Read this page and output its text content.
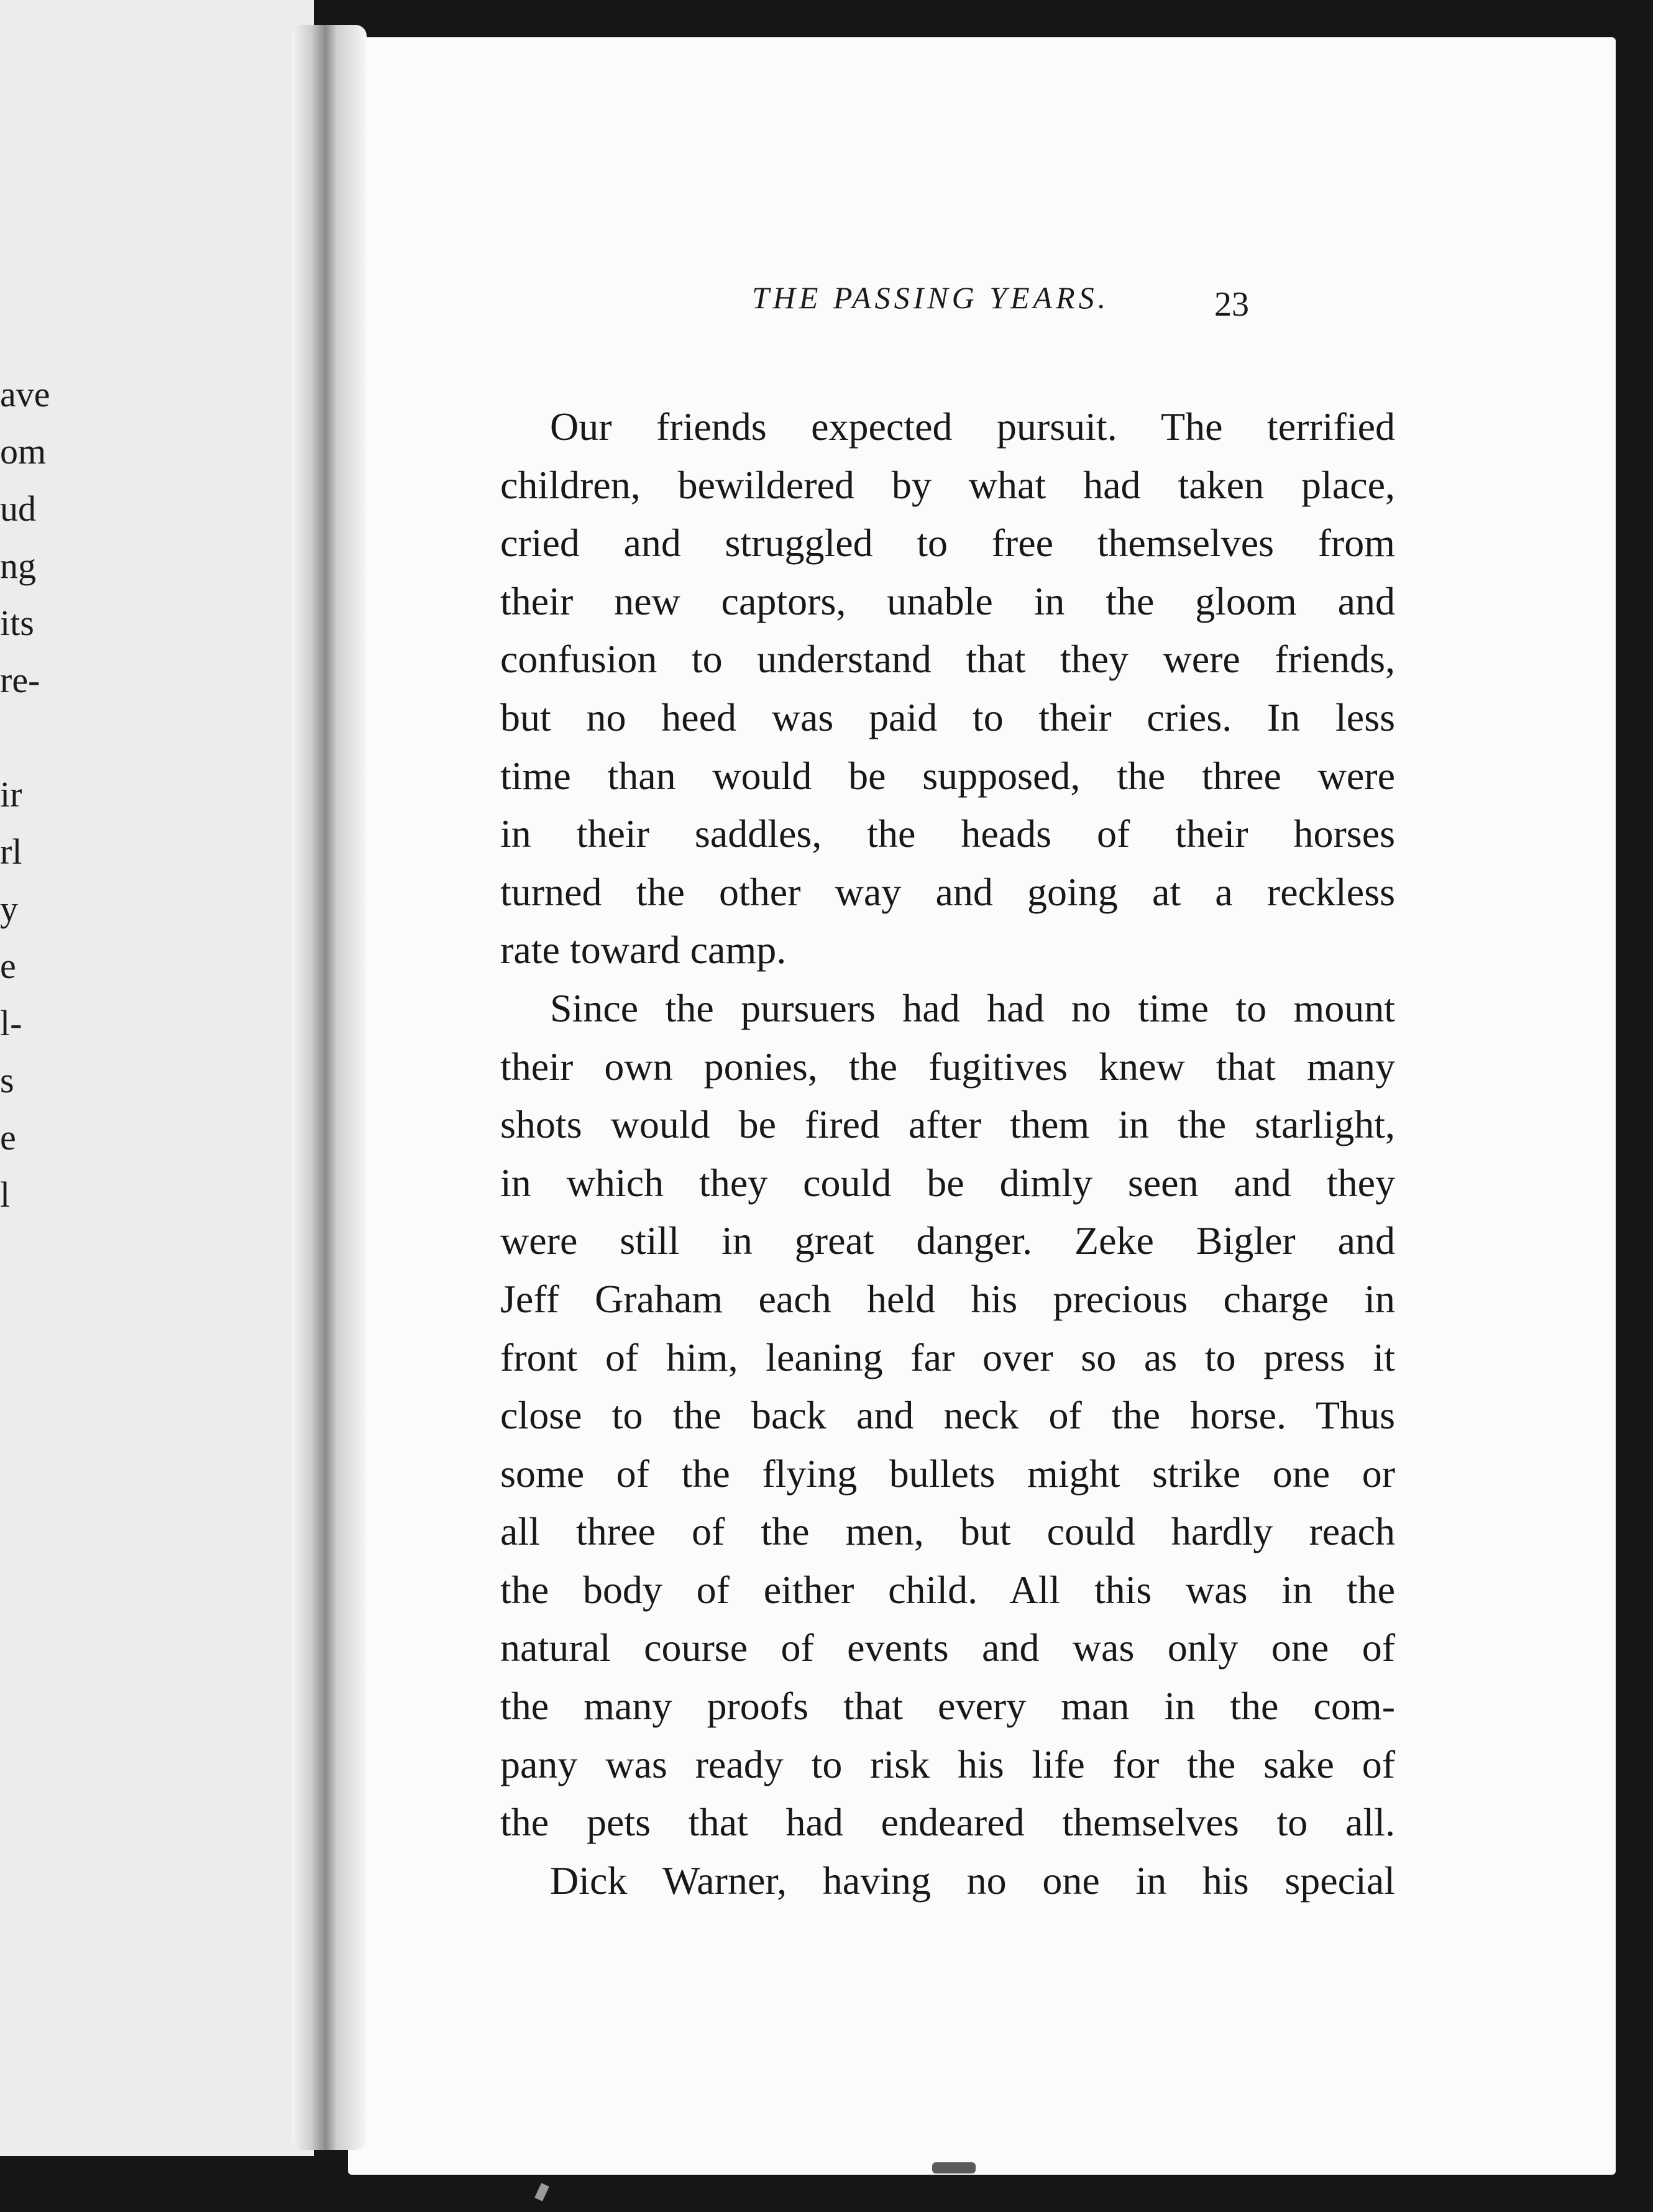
ave
om
ud
ng
its
re-
ir
rl
y
e
l-
s
e
l
THE PASSING YEARS.	23
Our friends expected pursuit. The terrified
children, bewildered by what had taken place,
cried and struggled to free themselves from
their new captors, unable in the gloom and
confusion to understand that they were friends,
but no heed was paid to their cries. In less
time than would be supposed, the three were
in their saddles, the heads of their horses
turned the other way and going at a reckless
rate toward camp.
Since the pursuers had had no time to mount
their own ponies, the fugitives knew that many
shots would be fired after them in the starlight,
in which they could be dimly seen and they
were still in great danger. Zeke Bigler and
Jeff Graham each held his precious charge in
front of him, leaning far over so as to press it
close to the back and neck of the horse. Thus
some of the flying bullets might strike one or
all three of the men, but could hardly reach
the body of either child. All this was in the
natural course of events and was only one of
the many proofs that every man in the com-
pany was ready to risk his life for the sake of
the pets that had endeared themselves to all.
Dick Warner, having no one in his special
